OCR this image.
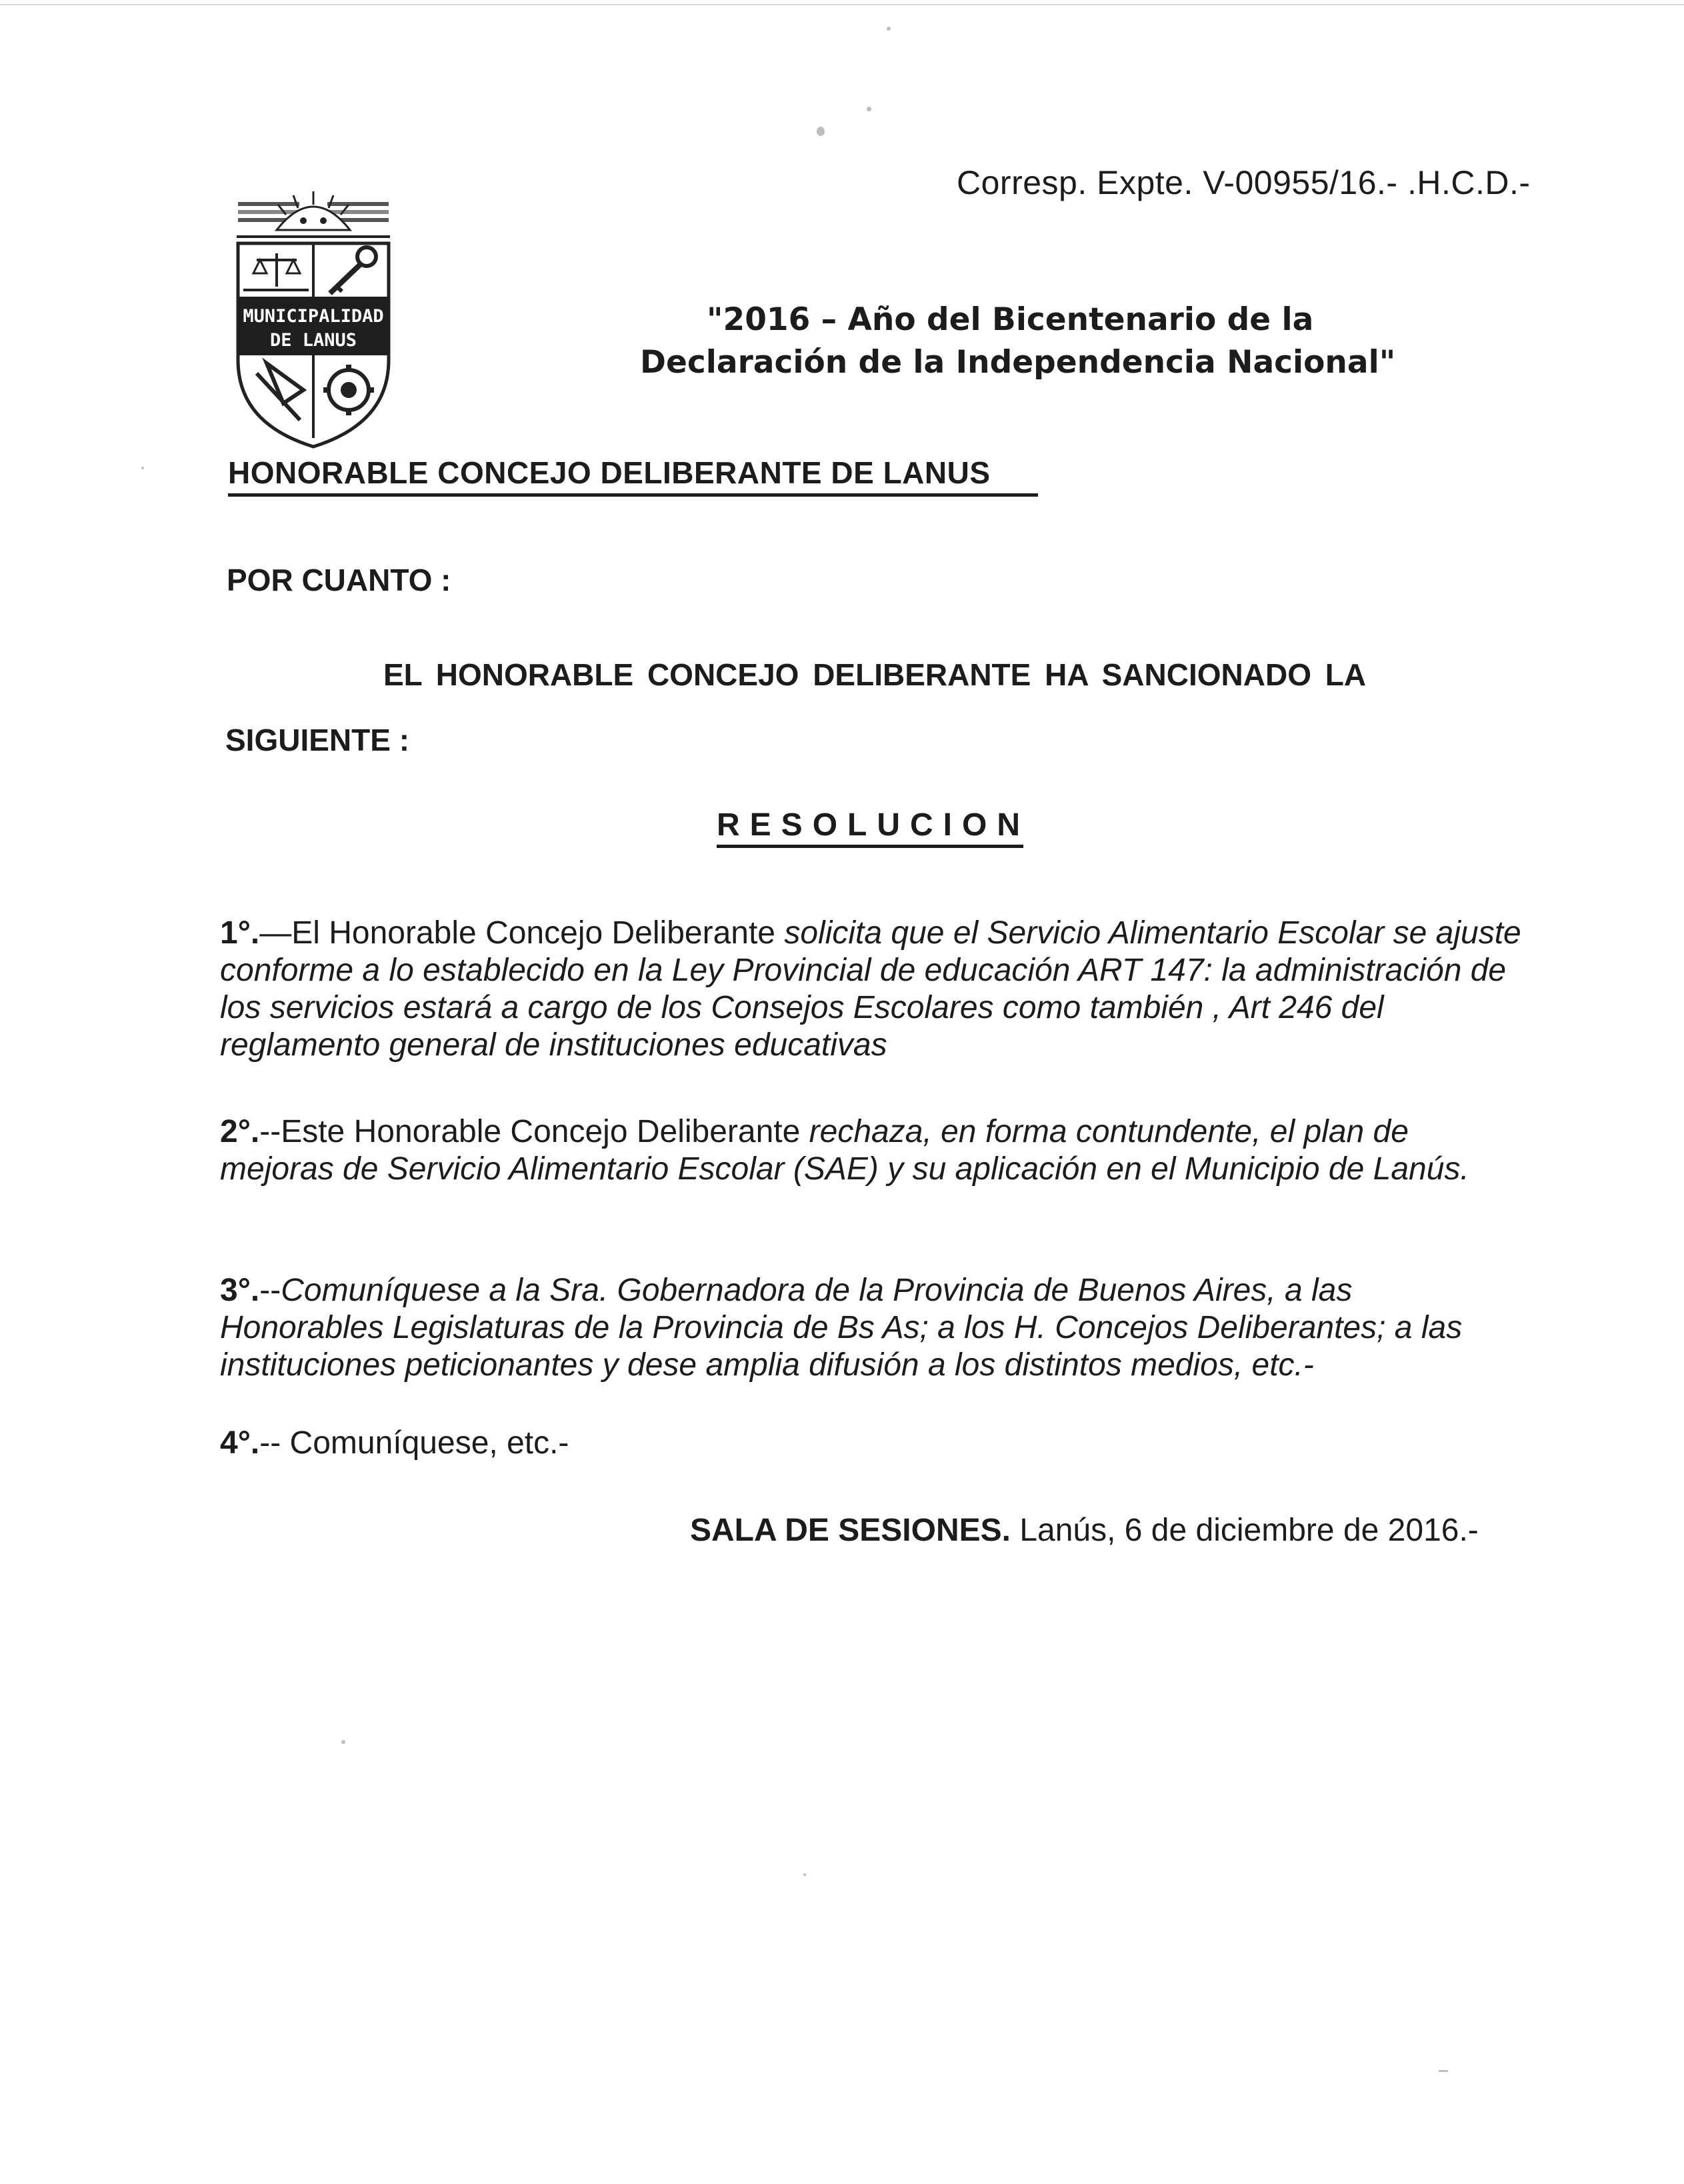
Corresp. Expte. V-00955/16.- .H.C.D.-
MUNICIPALIDAD
DE LANUS
"2016 – Año del Bicentenario de la
Declaración de la Independencia Nacional"
HONORABLE CONCEJO DELIBERANTE DE LANUS
POR CUANTO :
EL HONORABLE CONCEJO DELIBERANTE HA SANCIONADO LA
SIGUIENTE :
RESOLUCION
1°.—El Honorable Concejo Deliberante solicita que el Servicio Alimentario Escolar se ajuste conforme a lo establecido en la Ley Provincial de educación ART 147: la administración de los servicios estará a cargo de los Consejos Escolares como también , Art 246 del reglamento general de instituciones educativas
2°.--Este Honorable Concejo Deliberante rechaza, en forma contundente, el plan de mejoras de Servicio Alimentario Escolar (SAE) y su aplicación en el Municipio de Lanús.
3°.--Comuníquese a la Sra. Gobernadora de la Provincia de Buenos Aires, a las Honorables Legislaturas de la Provincia de Bs As; a los H. Concejos Deliberantes; a las instituciones peticionantes y dese amplia difusión a los distintos medios, etc.-
4°.-- Comuníquese, etc.-
SALA DE SESIONES. Lanús, 6 de diciembre de 2016.-
